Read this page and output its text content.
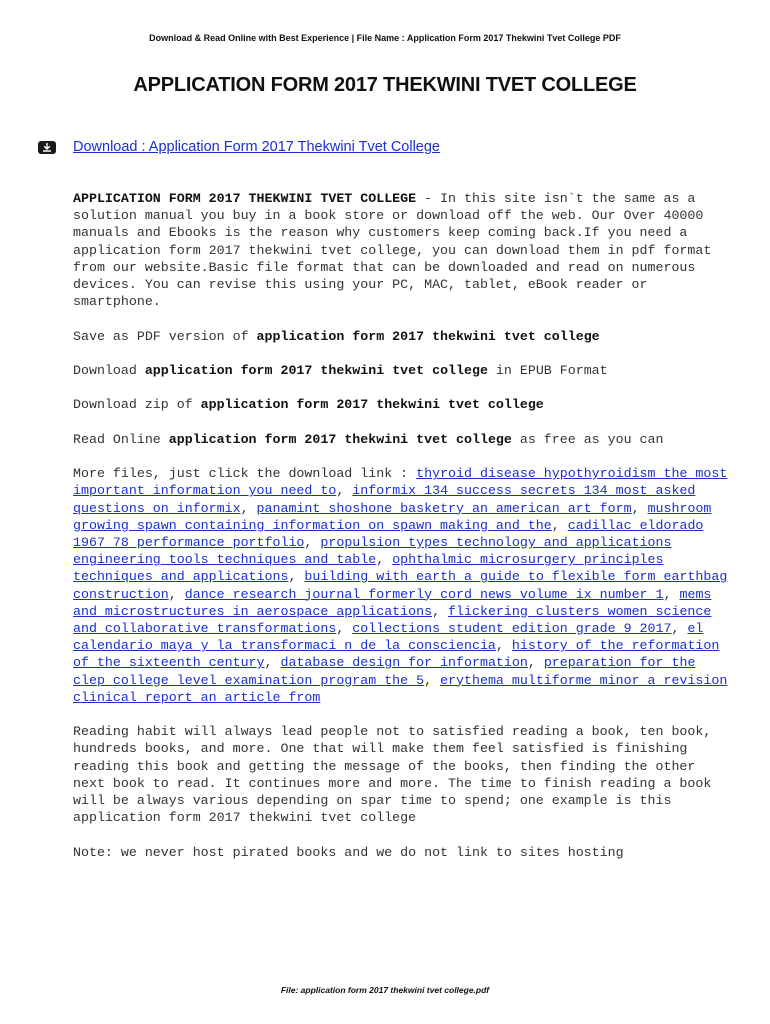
Download & Read Online with Best Experience | File Name : Application Form 2017 Thekwini Tvet College PDF
APPLICATION FORM 2017 THEKWINI TVET COLLEGE
Download : Application Form 2017 Thekwini Tvet College

APPLICATION FORM 2017 THEKWINI TVET COLLEGE - In this site isn`t the same as a solution manual you buy in a book store or download off the web. Our Over 40000 manuals and Ebooks is the reason why customers keep coming back.If you need a application form 2017 thekwini tvet college, you can download them in pdf format from our website.Basic file format that can be downloaded and read on numerous devices. You can revise this using your PC, MAC, tablet, eBook reader or smartphone.

Save as PDF version of application form 2017 thekwini tvet college

Download application form 2017 thekwini tvet college in EPUB Format

Download zip of application form 2017 thekwini tvet college

Read Online application form 2017 thekwini tvet college as free as you can

More files, just click the download link : thyroid disease hypothyroidism the most important information you need to, informix 134 success secrets 134 most asked questions on informix, panamint shoshone basketry an american art form, mushroom growing spawn containing information on spawn making and the, cadillac eldorado 1967 78 performance portfolio, propulsion types technology and applications engineering tools techniques and table, ophthalmic microsurgery principles techniques and applications, building with earth a guide to flexible form earthbag construction, dance research journal formerly cord news volume ix number 1, mems and microstructures in aerospace applications, flickering clusters women science and collaborative transformations, collections student edition grade 9 2017, el calendario maya y la transformaci n de la consciencia, history of the reformation of the sixteenth century, database design for information, preparation for the clep college level examination program the 5, erythema multiforme minor a revision clinical report an article from

Reading habit will always lead people not to satisfied reading a book, ten book, hundreds books, and more. One that will make them feel satisfied is finishing reading this book and getting the message of the books, then finding the other next book to read. It continues more and more. The time to finish reading a book will be always various depending on spar time to spend; one example is this application form 2017 thekwini tvet college

Note: we never host pirated books and we do not link to sites hosting

File: application form 2017 thekwini tvet college.pdf
